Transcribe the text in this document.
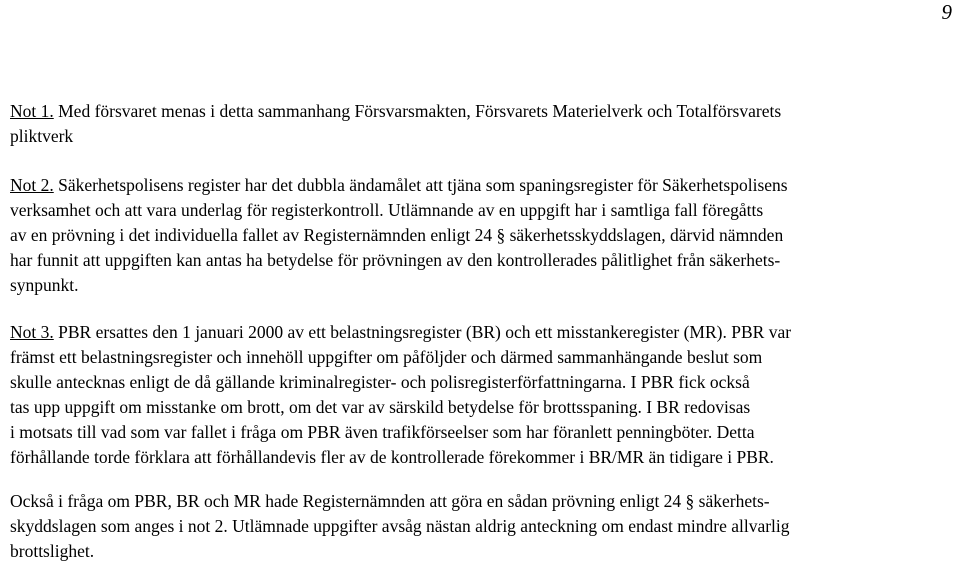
9
Not 1. Med försvaret menas i detta sammanhang Försvarsmakten, Försvarets Materielverk och Totalförsvarets
pliktverk
Not 2. Säkerhetspolisens register har det dubbla ändamålet att tjäna som spaningsregister för Säkerhetspolisens
verksamhet och att vara underlag för registerkontroll. Utlämnande av en uppgift har i samtliga fall föregåtts
av en prövning i det individuella fallet av Registernämnden enligt 24 § säkerhetsskyddslagen, därvid nämnden
har funnit att uppgiften kan antas ha betydelse för prövningen av den kontrollerades pålitlighet från säkerhets-
synpunkt.
Not 3. PBR ersattes den 1 januari 2000 av ett belastningsregister (BR) och ett misstankeregister (MR). PBR var
främst ett belastningsregister och innehöll uppgifter om påföljder och därmed sammanhängande beslut som
skulle antecknas enligt de då gällande kriminalregister- och polisregisterförfattningarna. I PBR fick också
tas upp uppgift om misstanke om brott, om det var av särskild betydelse för brottsspaning. I BR redovisas
i motsats till vad som var fallet i fråga om PBR även trafikförseelser som har föranlett penningböter. Detta
förhållande torde förklara att förhållandevis fler av de kontrollerade förekommer i BR/MR än tidigare i PBR.
Också i fråga om PBR, BR och MR hade Registernämnden att göra en sådan prövning enligt 24 § säkerhets-
skyddslagen som anges i not 2. Utlämnade uppgifter avsåg nästan aldrig anteckning om endast mindre allvarlig
brottslighet.
